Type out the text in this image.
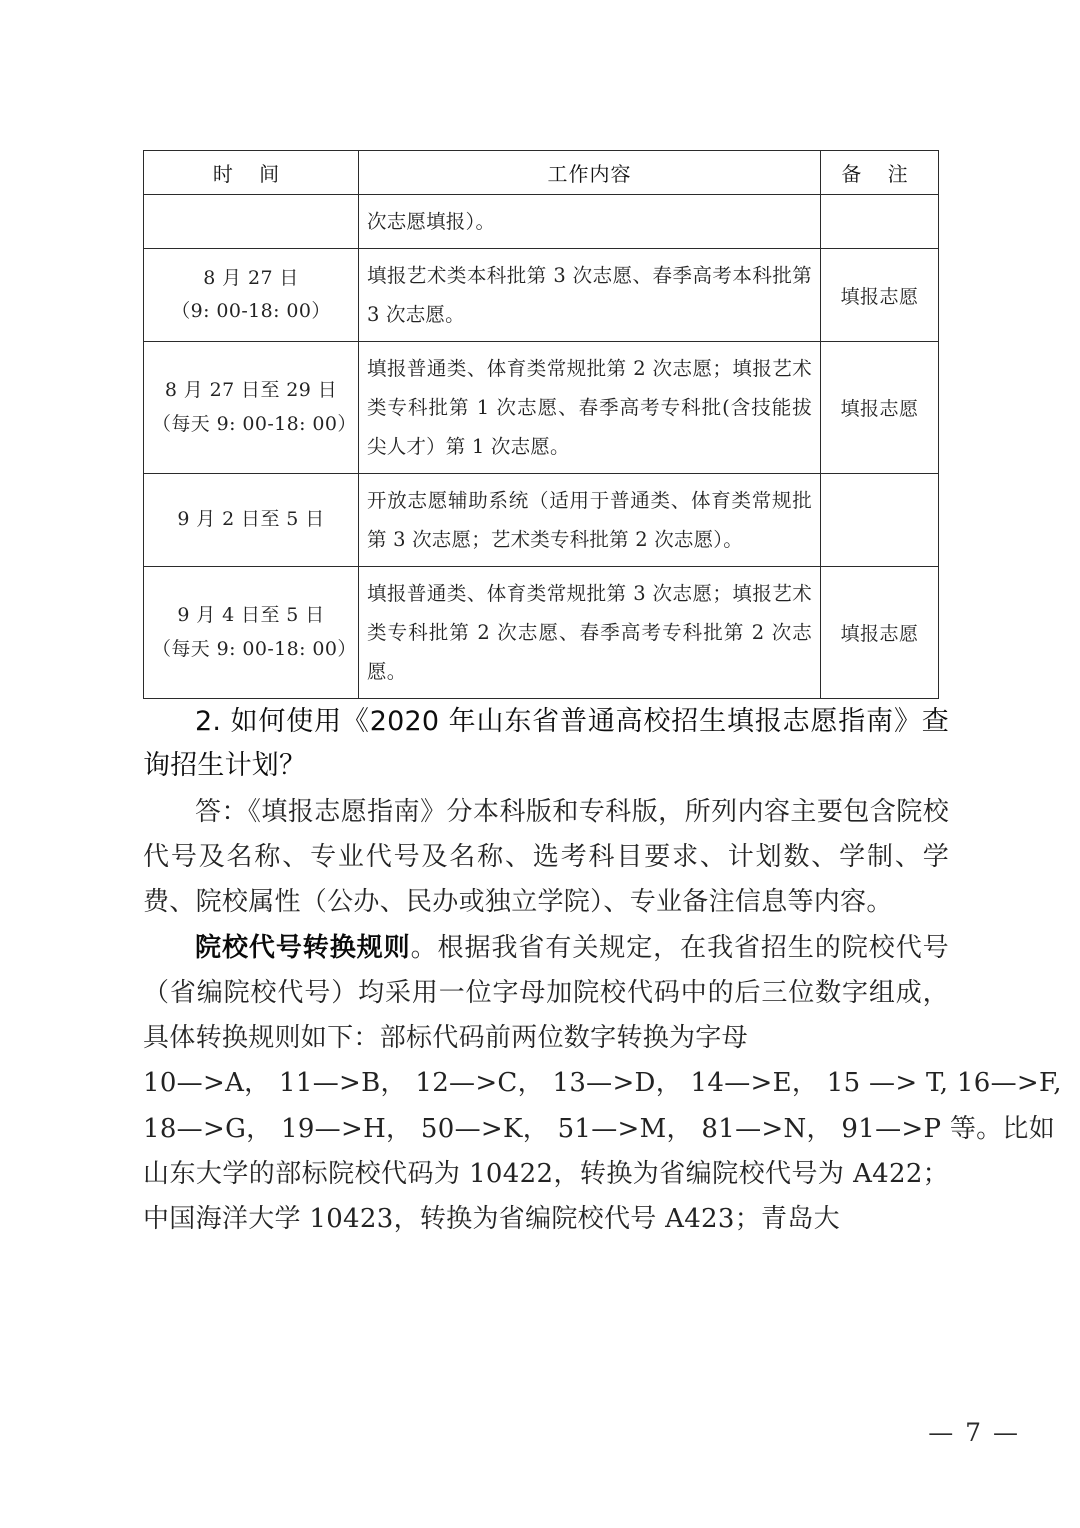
时 间	工作内容	备 注
	次志愿填报）。	

8 月 27 日
（9: 00-18: 00）	填报艺术类本科批第 3 次志愿、春季高考本科批第 3 次志愿。	填报志愿

8 月 27 日至 29 日
（每天 9: 00-18: 00）	填报普通类、体育类常规批第 2 次志愿；填报艺术类专科批第 1 次志愿、春季高考专科批(含技能拔尖人才）第 1 次志愿。	填报志愿

9 月 2 日至 5 日	开放志愿辅助系统（适用于普通类、体育类常规批第 3 次志愿；艺术类专科批第 2 次志愿）。	

9 月 4 日至 5 日
（每天 9: 00-18: 00）	填报普通类、体育类常规批第 3 次志愿；填报艺术类专科批第 2 次志愿、春季高考专科批第 2 次志愿。	填报志愿
2. 如何使用《2020 年山东省普通高校招生填报志愿指南》查询招生计划？

答：《填报志愿指南》分本科版和专科版，所列内容主要包含院校代号及名称、专业代号及名称、选考科目要求、计划数、学制、学费、院校属性（公办、民办或独立学院）、专业备注信息等内容。

院校代号转换规则。根据我省有关规定，在我省招生的院校代号（省编院校代号）均采用一位字母加院校代码中的后三位数字组成，具体转换规则如下：部标代码前两位数字转换为字母

10—>A， 11—>B， 12—>C， 13—>D， 14—>E， 15 —> T, 16—>F,
18—>G， 19—>H， 50—>K， 51—>M， 81—>N， 91—>P 等。比如

山东大学的部标院校代码为 10422，转换为省编院校代号为 A422；中国海洋大学 10423，转换为省编院校代号 A423；青岛大

— 7 —
